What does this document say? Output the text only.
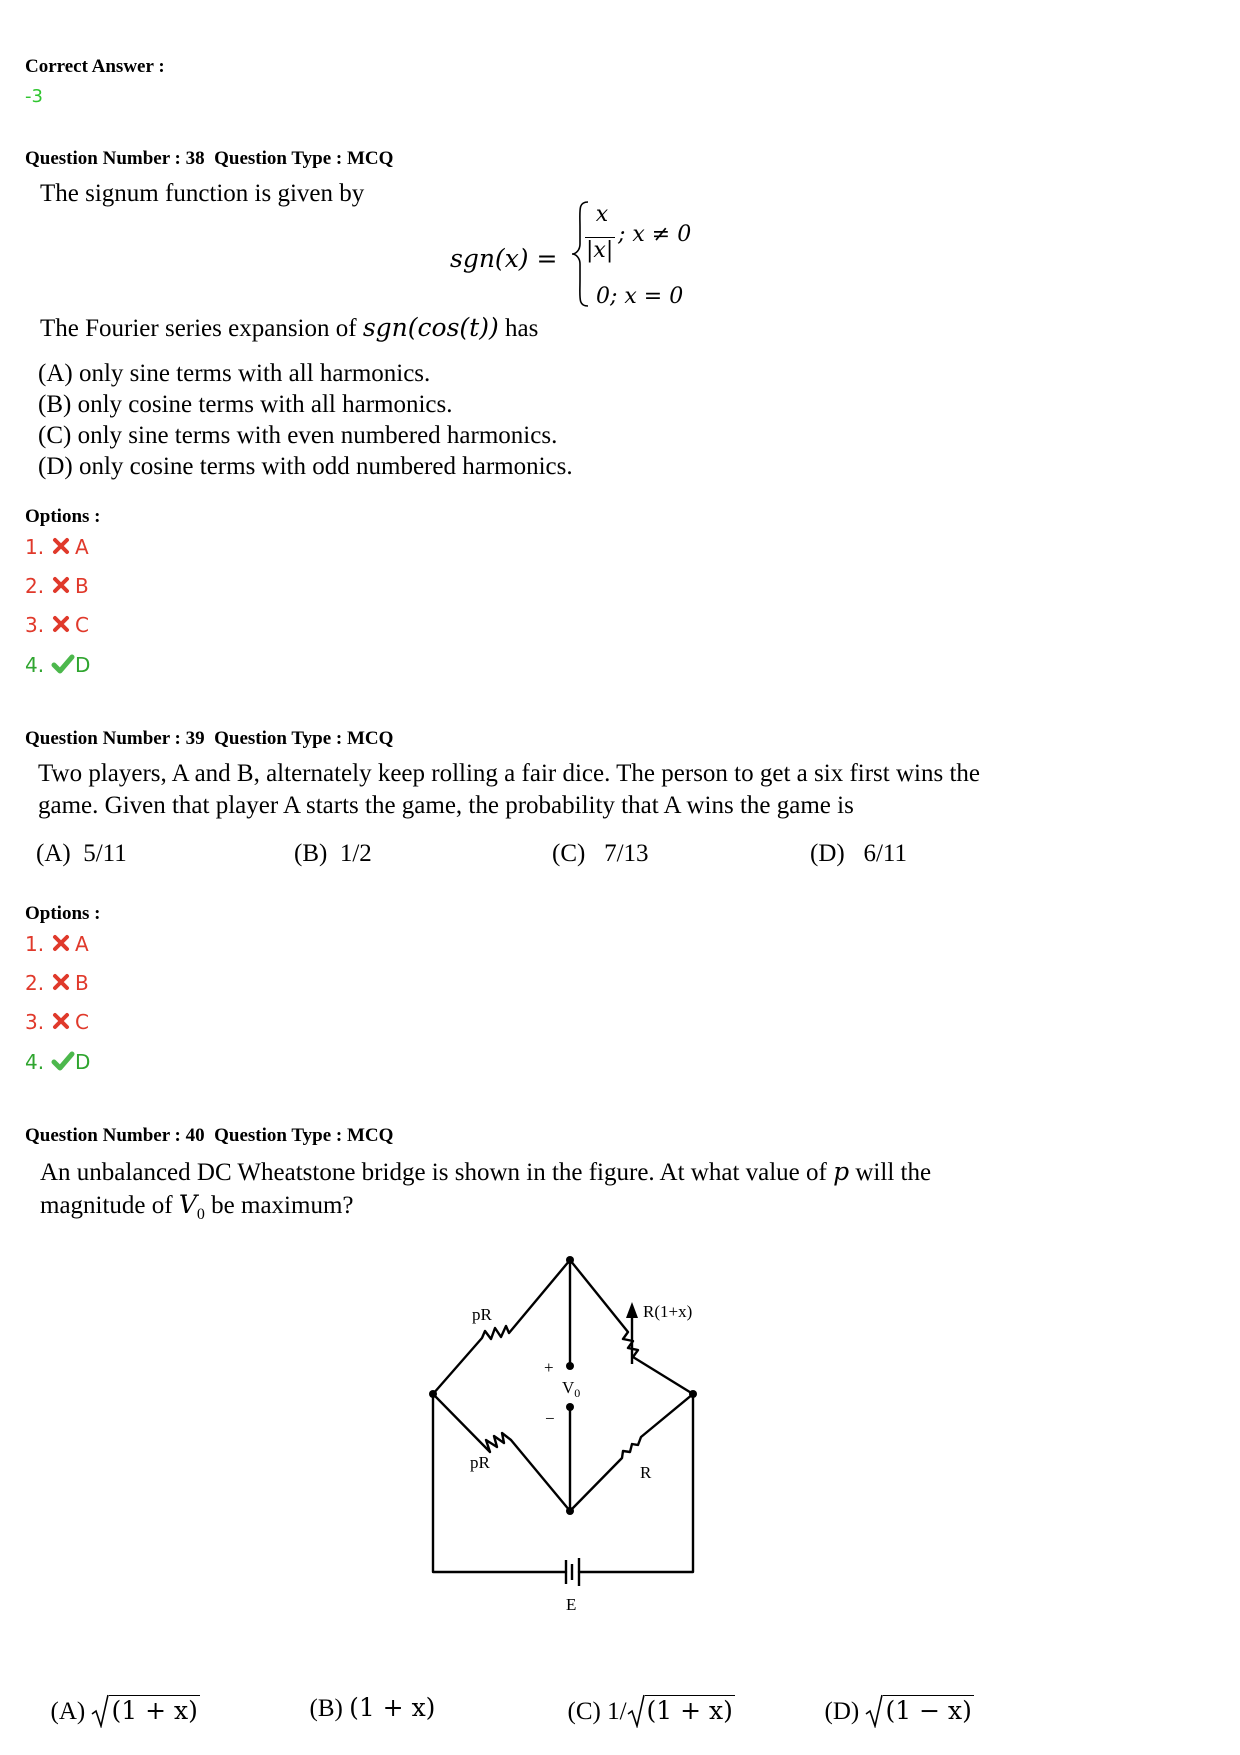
Correct Answer :
-3
Question Number : 38  Question Type : MCQ
The signum function is given by
sgn(x) =
x
|x|
; x ≠ 0
0; x = 0
The Fourier series expansion of sgn(cos(t)) has
(A) only sine terms with all harmonics.
(B) only cosine terms with all harmonics.
(C) only sine terms with even numbered harmonics.
(D) only cosine terms with odd numbered harmonics.
Options :
1.	A
2.	B
3.	C
4.	D
Question Number : 39  Question Type : MCQ
Two players, A and B, alternately keep rolling a fair dice. The person to get a six first wins the
game. Given that player A starts the game, the probability that A wins the game is
(A)  5/11	(B)  1/2	(C)   7/13	(D)   6/11
Options :
1.	A
2.	B
3.	C
4.	D
Question Number : 40  Question Type : MCQ
An unbalanced DC Wheatstone bridge is shown in the figure. At what value of p will the
magnitude of $V_0$ be maximum?
pR	R(1+x)
+
$V_0$
−
pR
R
E

(A)
(1 + x)	(B) (1 + x)	(C) 1/ (1 + x)	(D)
(1 − x)
